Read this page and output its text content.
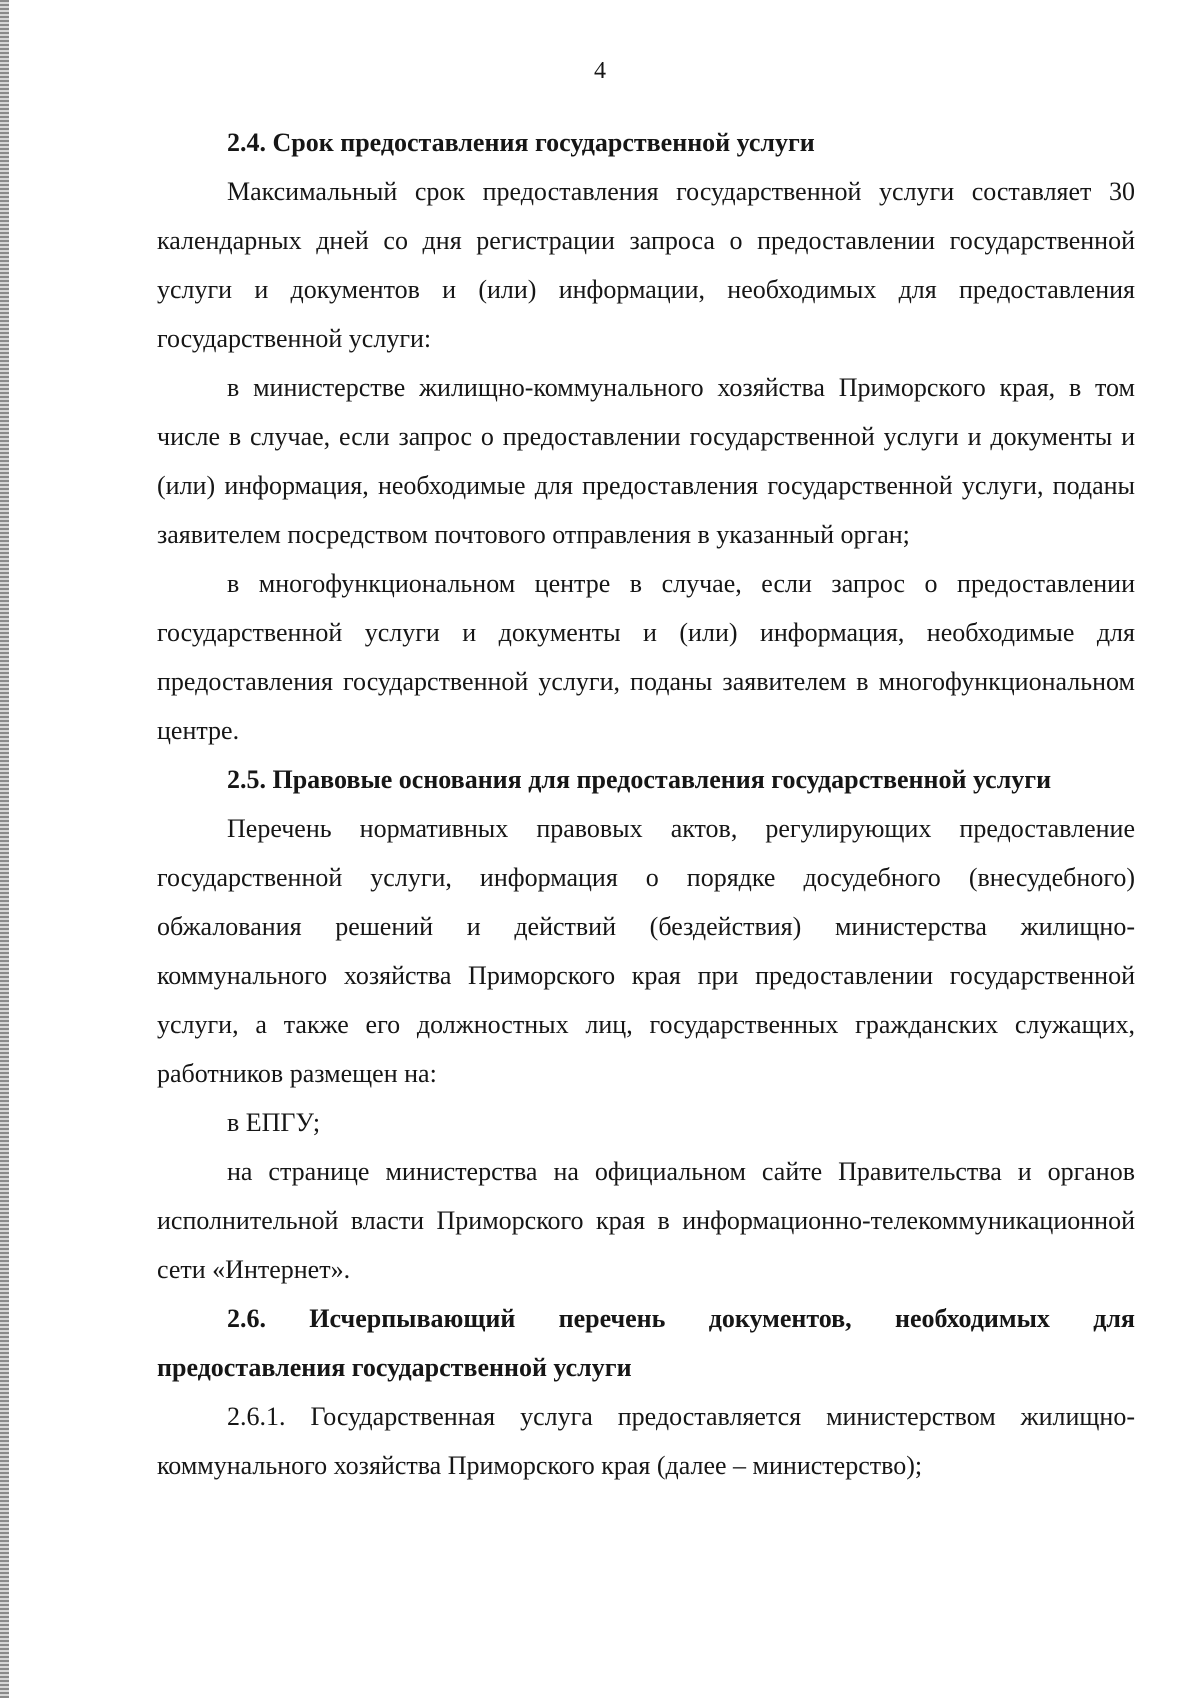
4

2.4. Срок предоставления государственной услуги

Максимальный срок предоставления государственной услуги составляет 30 календарных дней со дня регистрации запроса о предоставлении государственной услуги и документов и (или) информации, необходимых для предоставления государственной услуги:

в министерстве жилищно-коммунального хозяйства Приморского края, в том числе в случае, если запрос о предоставлении государственной услуги и документы и (или) информация, необходимые для предоставления государственной услуги, поданы заявителем посредством почтового отправления в указанный орган;

в многофункциональном центре в случае, если запрос о предоставлении государственной услуги и документы и (или) информация, необходимые для предоставления государственной услуги, поданы заявителем в многофункциональном центре.

2.5. Правовые основания для предоставления государственной услуги

Перечень нормативных правовых актов, регулирующих предоставление государственной услуги, информация о порядке досудебного (внесудебного) обжалования решений и действий (бездействия) министерства жилищно-коммунального хозяйства Приморского края при предоставлении государственной услуги, а также его должностных лиц, государственных гражданских служащих, работников размещен на:

в ЕПГУ;

на странице министерства на официальном сайте Правительства и органов исполнительной власти Приморского края в информационно-телекоммуникационной сети «Интернет».

2.6. Исчерпывающий перечень документов, необходимых для предоставления государственной услуги

2.6.1. Государственная услуга предоставляется министерством жилищно-коммунального хозяйства Приморского края (далее – министерство);
